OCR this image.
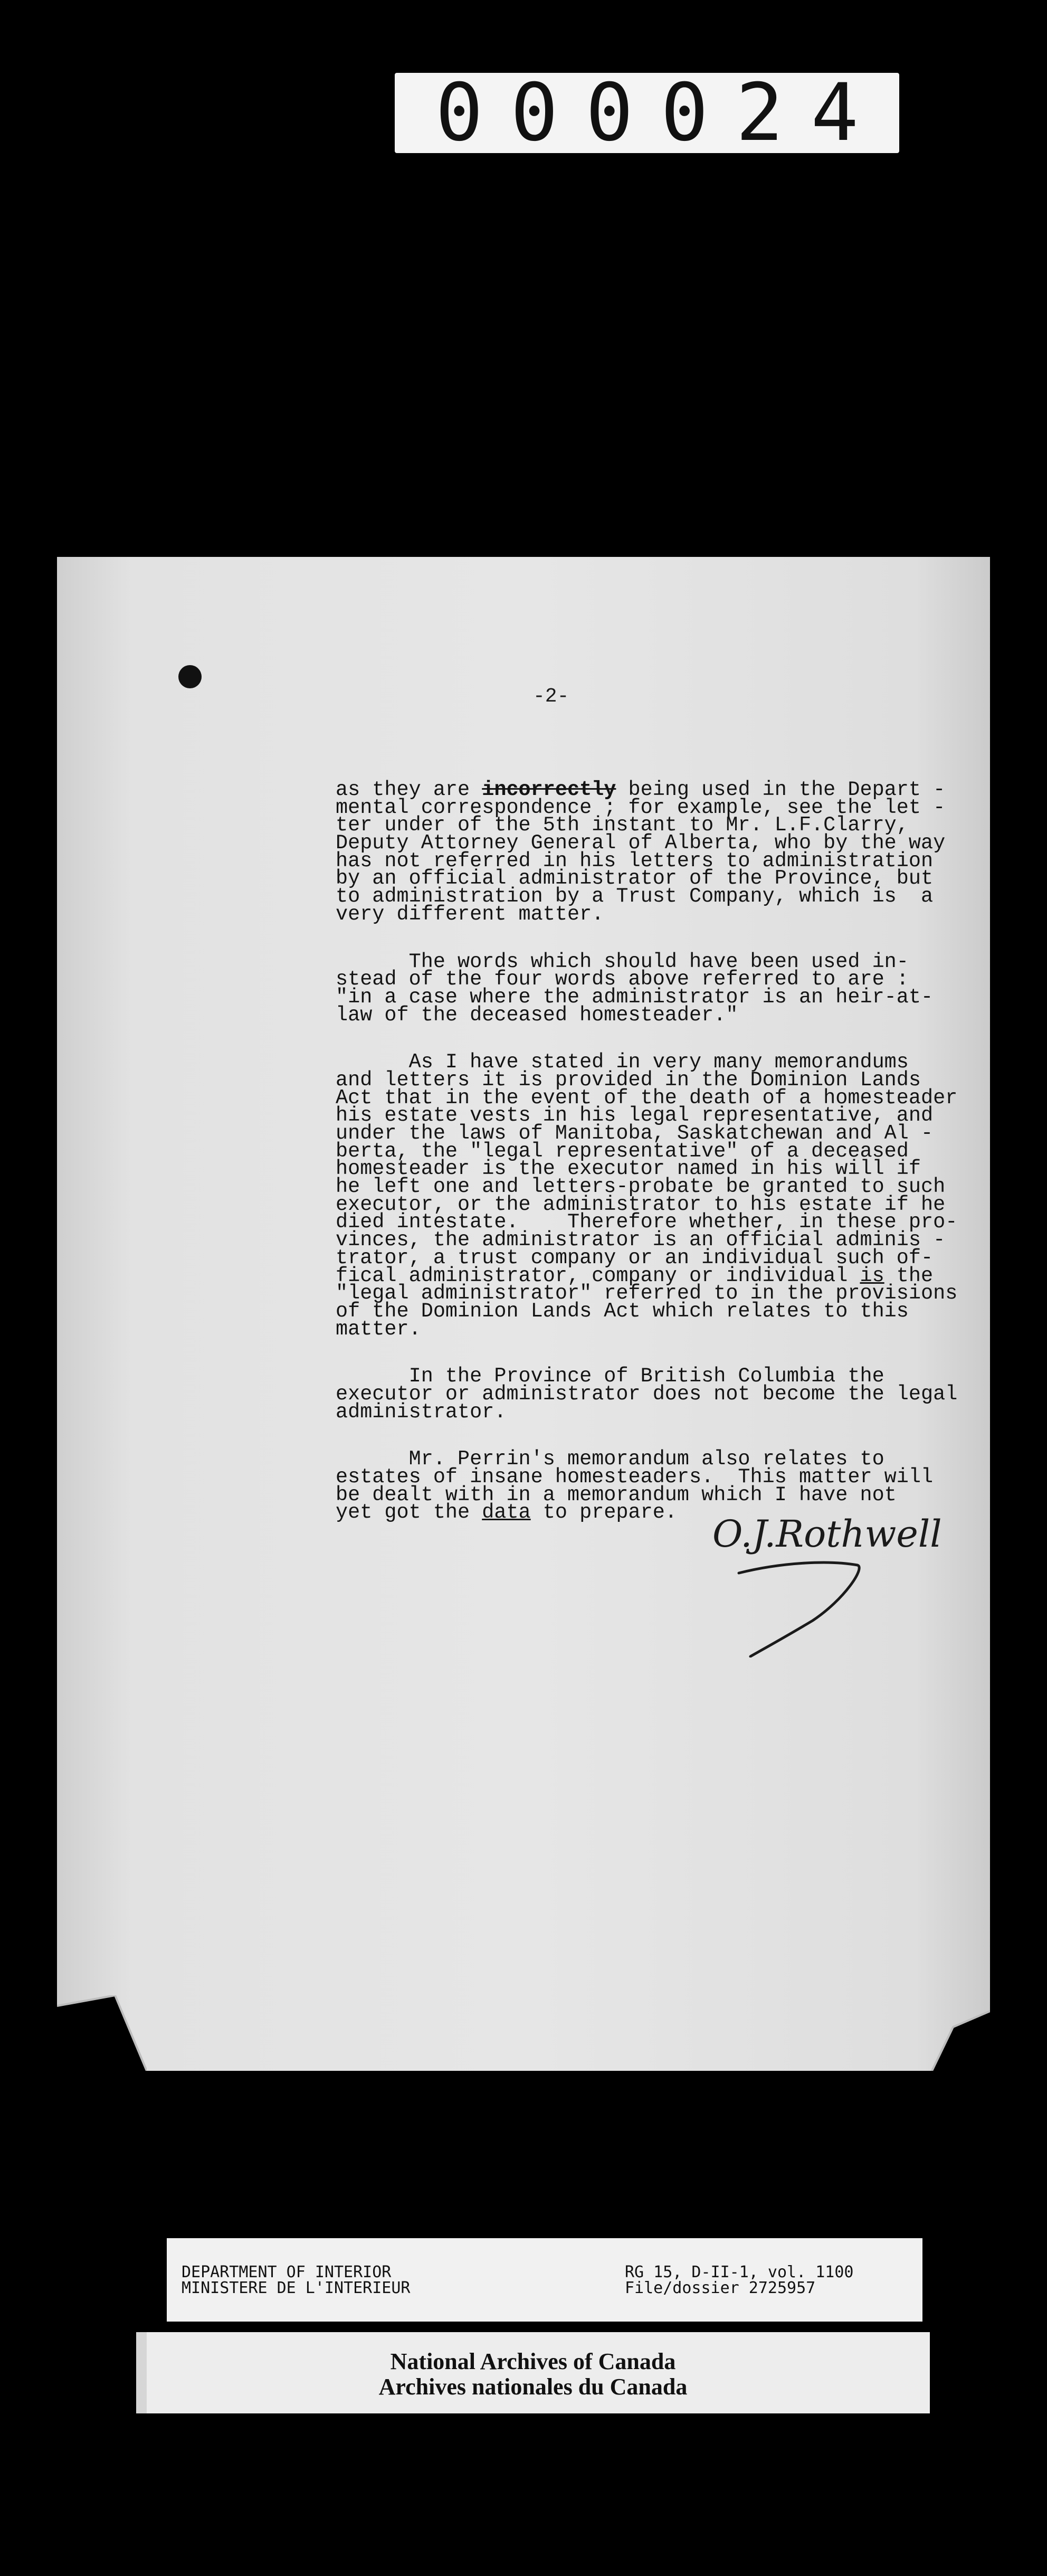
000024
-2-
as they are incorrectly being used in the Depart -
mental correspondence ; for example, see the let -
ter under of the 5th instant to Mr. L.F.Clarry,
Deputy Attorney General of Alberta, who by the way
has not referred in his letters to administration
by an official administrator of the Province, but
to administration by a Trust Company, which is  a
very different matter.
The words which should have been used in-
stead of the four words above referred to are :
"in a case where the administrator is an heir-at-
law of the deceased homesteader."
As I have stated in very many memorandums
and letters it is provided in the Dominion Lands
Act that in the event of the death of a homesteader
his estate vests in his legal representative, and
under the laws of Manitoba, Saskatchewan and Al -
berta, the "legal representative" of a deceased
homesteader is the executor named in his will if
he left one and letters-probate be granted to such
executor, or the administrator to his estate if he
died intestate.    Therefore whether, in these pro-
vinces, the administrator is an official adminis -
trator, a trust company or an individual such of-
fical administrator, company or individual is the
"legal administrator" referred to in the provisions
of the Dominion Lands Act which relates to this
matter.
In the Province of British Columbia the
executor or administrator does not become the legal
administrator.
Mr. Perrin's memorandum also relates to
estates of insane homesteaders.  This matter will
be dealt with in a memorandum which I have not
yet got the data to prepare. O.J.Rothwell
DEPARTMENT OF INTERIOR
MINISTERE DE L'INTERIEUR
RG 15, D-II-1, vol. 1100
File/dossier 2725957
National Archives of Canada
Archives nationales du Canada
